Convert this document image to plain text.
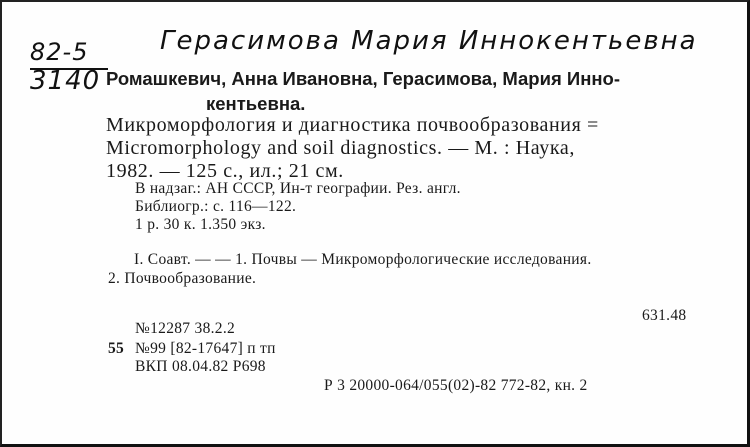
82-5
3140
Герасимова Мария Иннокентьевна
Ромашкевич, Анна Ивановна, Герасимова, Мария Инно-
кентьевна.
Микроморфология и диагностика почвообразования =
Micromorphology and soil diagnostics. — М. : Наука,
1982. — 125 с., ил.; 21 см.
В надзаг.: АН СССР, Ин-т географии. Рез. англ.
Библиогр.: с. 116—122.
1 р. 30 к. 1.350 экз.
I. Соавт. — — 1. Почвы — Микроморфологические исследования.
2. Почвообразование.
631.48
№12287 38.2.2
55 №99 [82-17647] п тп
ВКП 08.04.82 Р698
Р 3 20000-064/055(02)-82 772-82, кн. 2
